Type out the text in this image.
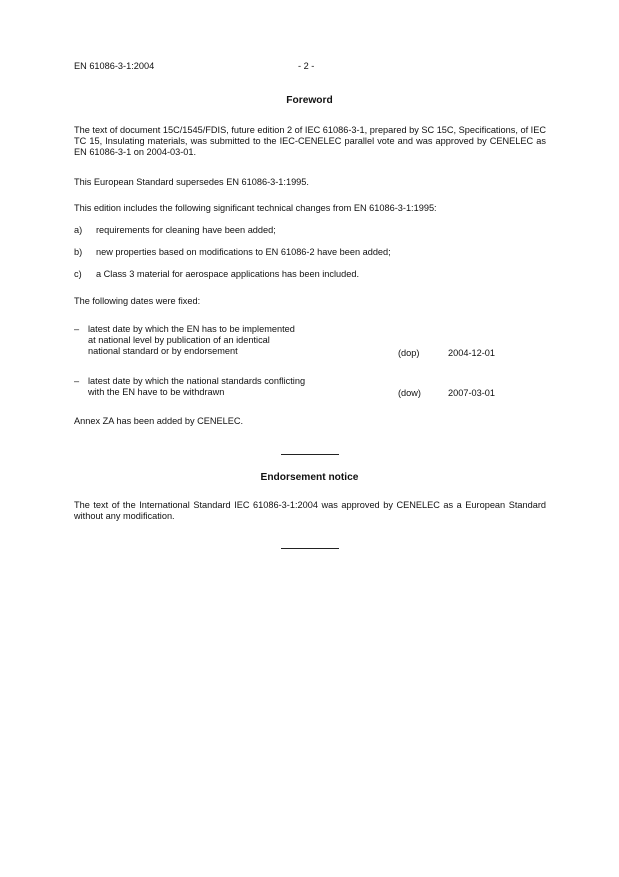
EN 61086-3-1:2004	- 2 -
Foreword
The text of document 15C/1545/FDIS, future edition 2 of IEC 61086-3-1, prepared by SC 15C, Specifications, of IEC TC 15, Insulating materials, was submitted to the IEC-CENELEC parallel vote and was approved by CENELEC as EN 61086-3-1 on 2004-03-01.
This European Standard supersedes EN 61086-3-1:1995.
This edition includes the following significant technical changes from EN 61086-3-1:1995:
a) requirements for cleaning have been added;
b) new properties based on modifications to EN 61086-2 have been added;
c) a Class 3 material for aerospace applications has been included.
The following dates were fixed:
– latest date by which the EN has to be implemented
at national level by publication of an identical
national standard or by endorsement	(dop)	2004-12-01
– latest date by which the national standards conflicting
with the EN have to be withdrawn	(dow)	2007-03-01
Annex ZA has been added by CENELEC.
Endorsement notice
The text of the International Standard IEC 61086-3-1:2004 was approved by CENELEC as a European Standard without any modification.
